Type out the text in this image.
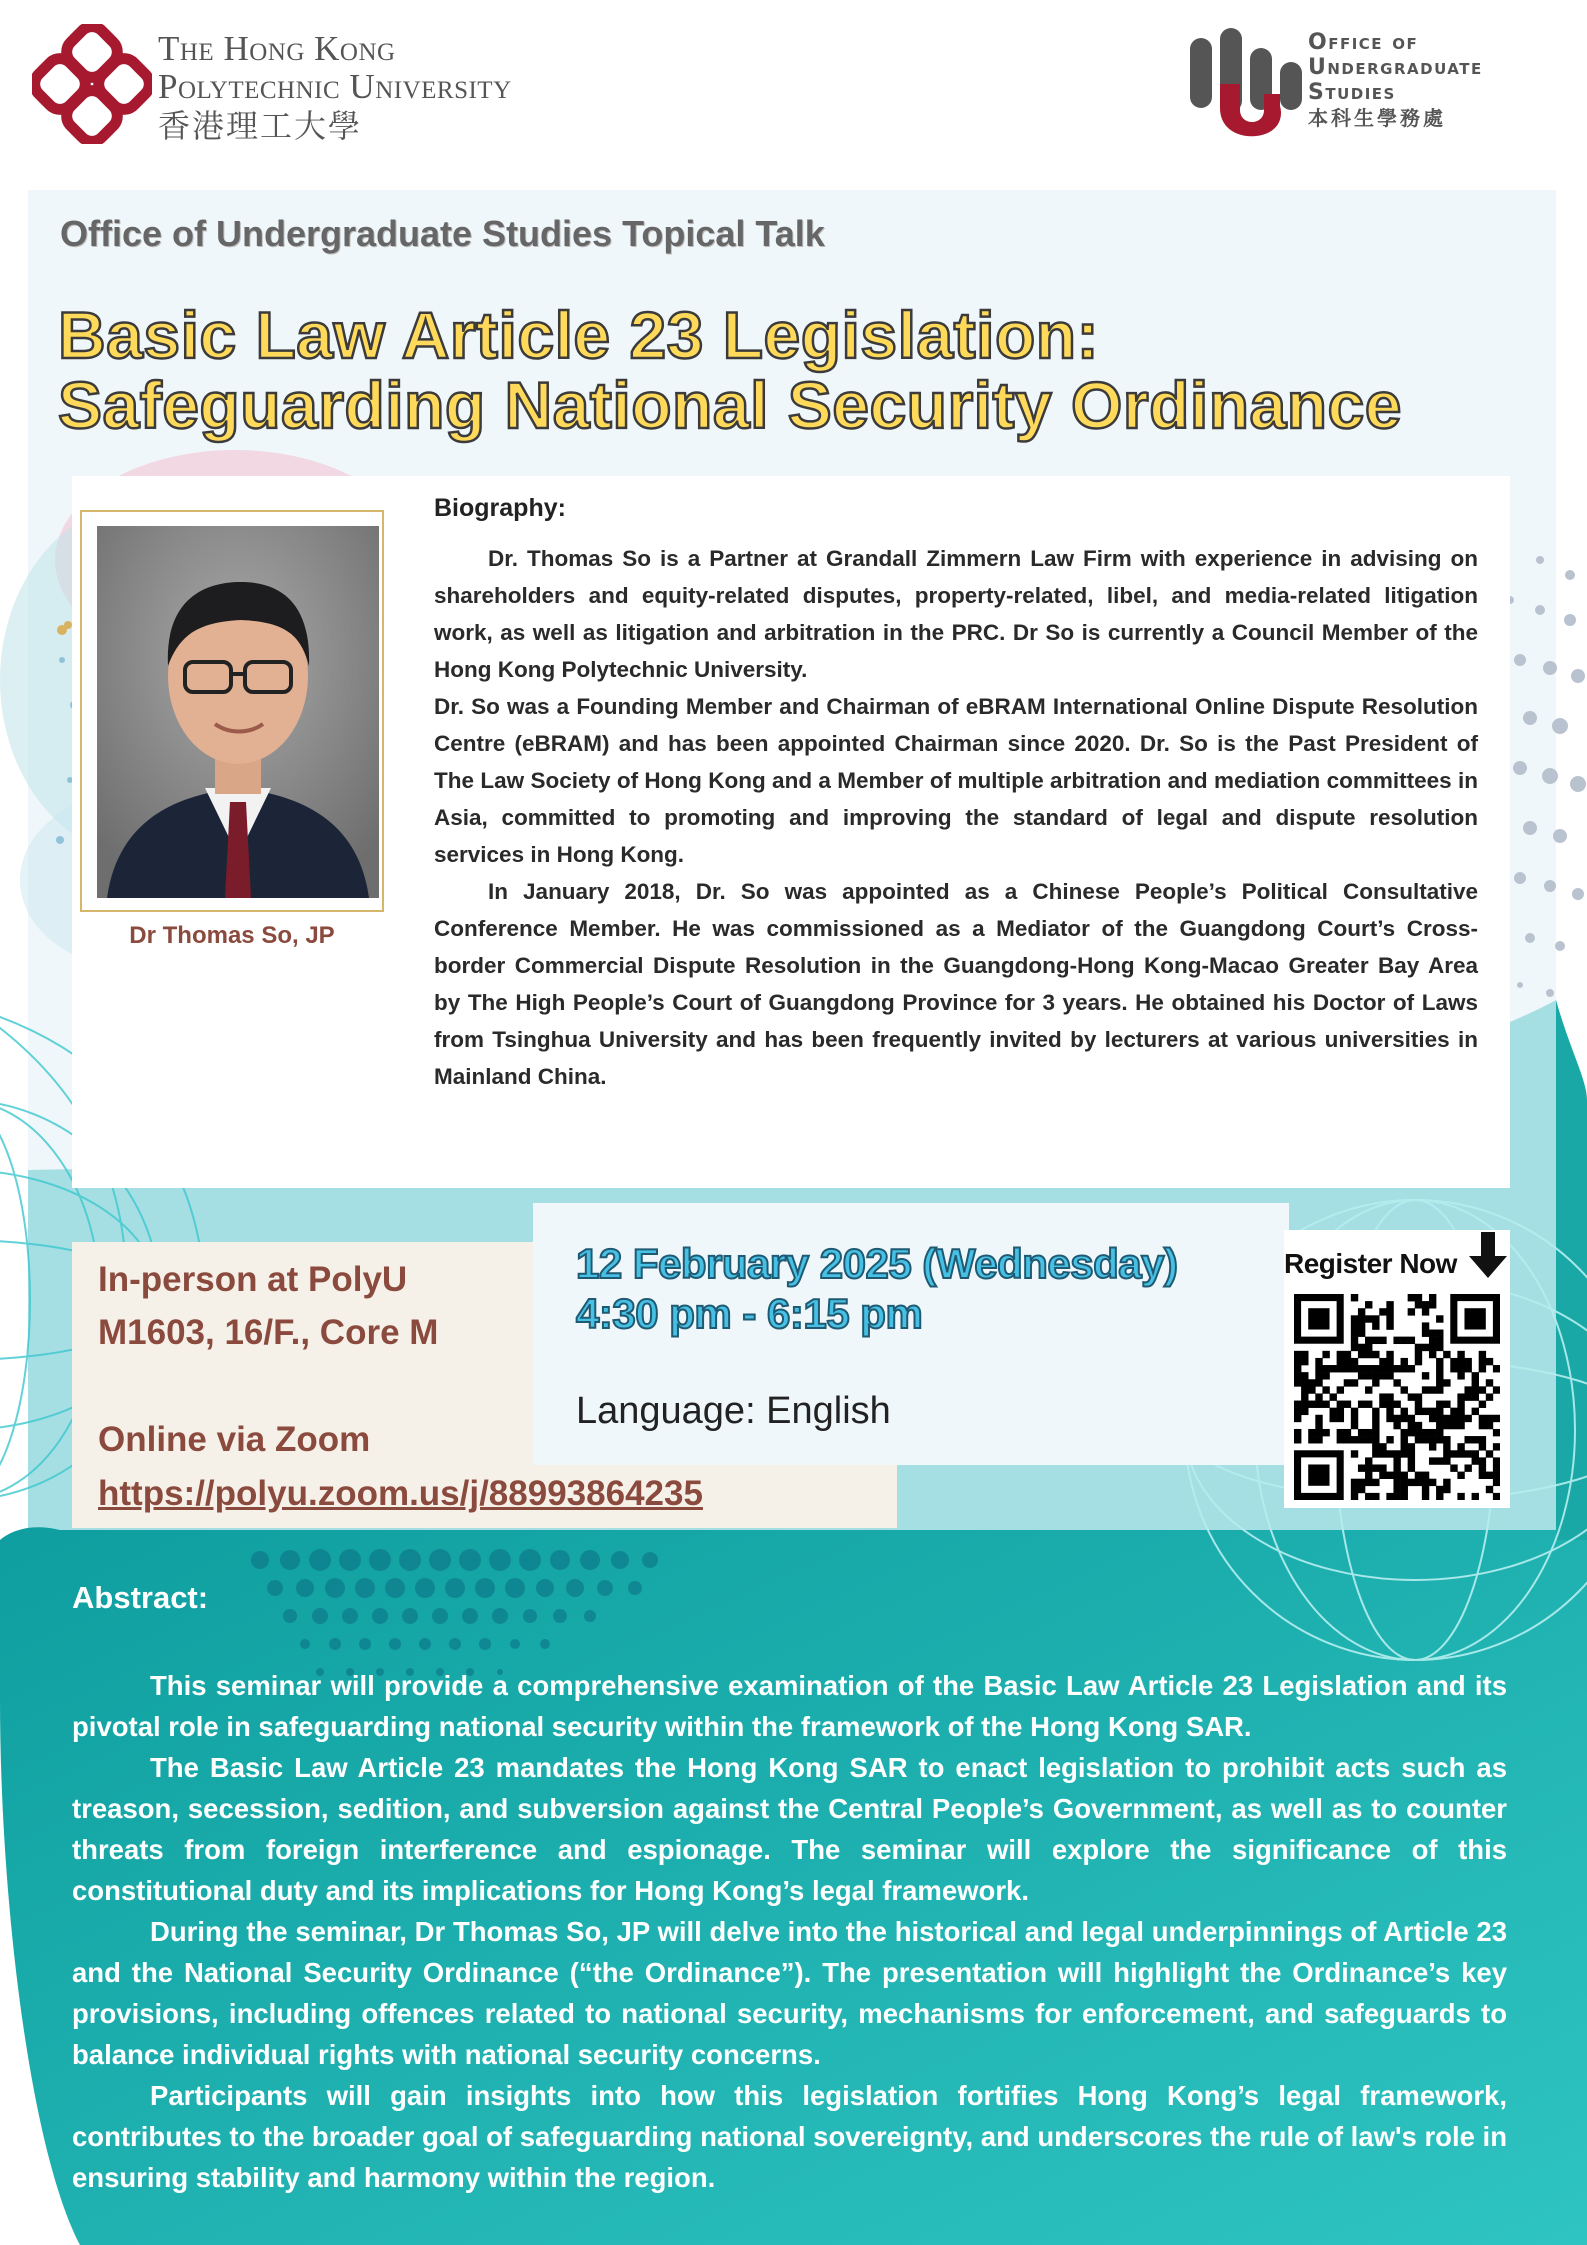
The Hong Kong
Polytechnic University
香港理工大學
Office of
Undergraduate
Studies
本科生學務處
Office of Undergraduate Studies Topical Talk
Basic Law Article 23 Legislation:
Safeguarding National Security Ordinance
Dr Thomas So, JP
Biography:

Dr. Thomas So is a Partner at Grandall Zimmern Law Firm with experience in advising on shareholders and equity-related disputes, property-related, libel, and media-related litigation work, as well as litigation and arbitration in the PRC. Dr So is currently a Council Member of the Hong Kong Polytechnic University.

Dr. So was a Founding Member and Chairman of eBRAM International Online Dispute Resolution Centre (eBRAM) and has been appointed Chairman since 2020. Dr. So is the Past President of The Law Society of Hong Kong and a Member of multiple arbitration and mediation committees in Asia, committed to promoting and improving the standard of legal and dispute resolution services in Hong Kong.

In January 2018, Dr. So was appointed as a Chinese People’s Political Consultative Conference Member. He was commissioned as a Mediator of the Guangdong Court’s Cross-border Commercial Dispute Resolution in the Guangdong-Hong Kong-Macao Greater Bay Area by The High People’s Court of Guangdong Province for 3 years. He obtained his Doctor of Laws from Tsinghua University and has been frequently invited by lecturers at various universities in Mainland China.

In-person at PolyU
M1603, 16/F., Core M
Online via Zoom
https://polyu.zoom.us/j/88993864235
12 February 2025 (Wednesday)
4:30 pm - 6:15 pm
Language: English
Register Now
Abstract:

This seminar will provide a comprehensive examination of the Basic Law Article 23 Legislation and its pivotal role in safeguarding national security within the framework of the Hong Kong SAR.

The Basic Law Article 23 mandates the Hong Kong SAR to enact legislation to prohibit acts such as treason, secession, sedition, and subversion against the Central People’s Government, as well as to counter threats from foreign interference and espionage. The seminar will explore the significance of this constitutional duty and its implications for Hong Kong’s legal framework.

During the seminar, Dr Thomas So, JP will delve into the historical and legal underpinnings of Article 23 and the National Security Ordinance (“the Ordinance”). The presentation will highlight the Ordinance’s key provisions, including offences related to national security, mechanisms for enforcement, and safeguards to balance individual rights with national security concerns.

Participants will gain insights into how this legislation fortifies Hong Kong’s legal framework, contributes to the broader goal of safeguarding national sovereignty, and underscores the rule of law's role in ensuring stability and harmony within the region.
